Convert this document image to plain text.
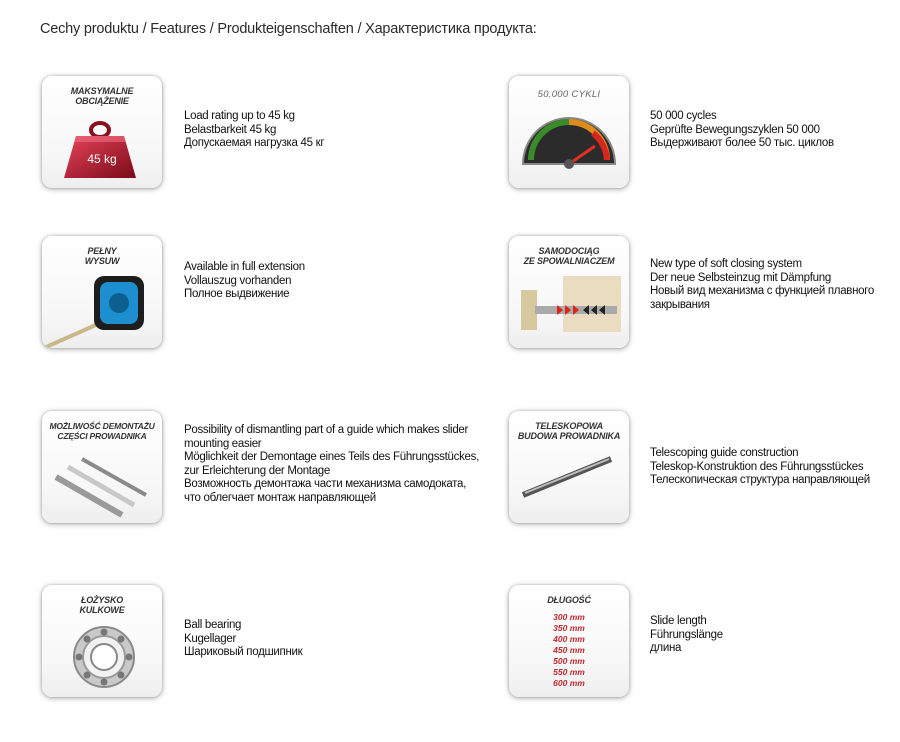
Cechy produktu / Features / Produkteigenschaften / Характеристика продукта:
MAKSYMALNE
OBCIĄŻENIE
45 kg
Load rating up to 45 kg
Belastbarkeit 45 kg
Допускаемая нагрузка 45 кг
50.000 CYKLI
50 000 cycles
Geprüfte Bewegungszyklen 50 000
Выдерживают более 50 тыс. циклов
PEŁNY
WYSUW	Available in full extension
Vollauszug vorhanden
Полное выдвижение
SAMODOCIĄG
ZE SPOWALNIACZEM	New type of soft closing system
Der neue Selbsteinzug mit Dämpfung
Новый вид механизма с функцией плавного
закрывания
MOŻLIWOŚĆ DEMONTAŻU
CZĘŚCI PROWADNIKA	Possibility of dismantling part of a guide which makes slider
mounting easier
Möglichkeit der Demontage eines Teils des Führungsstückes,
zur Erleichterung der Montage
Возможность демонтажа части механизма самодоката,
что облегчает монтаж направляющей
TELESKOPOWA
BUDOWA PROWADNIKA
Telescoping guide construction
Teleskop-Konstruktion des Führungsstückes
Телескопическая структура направляющей
ŁOŻYSKO
KULKOWE
Ball bearing
Kugellager
Шариковый подшипник
DŁUGOŚĆ
300 mm
350 mm
400 mm
450 mm
500 mm
550 mm
600 mm
Slide length
Führungslänge
длина
